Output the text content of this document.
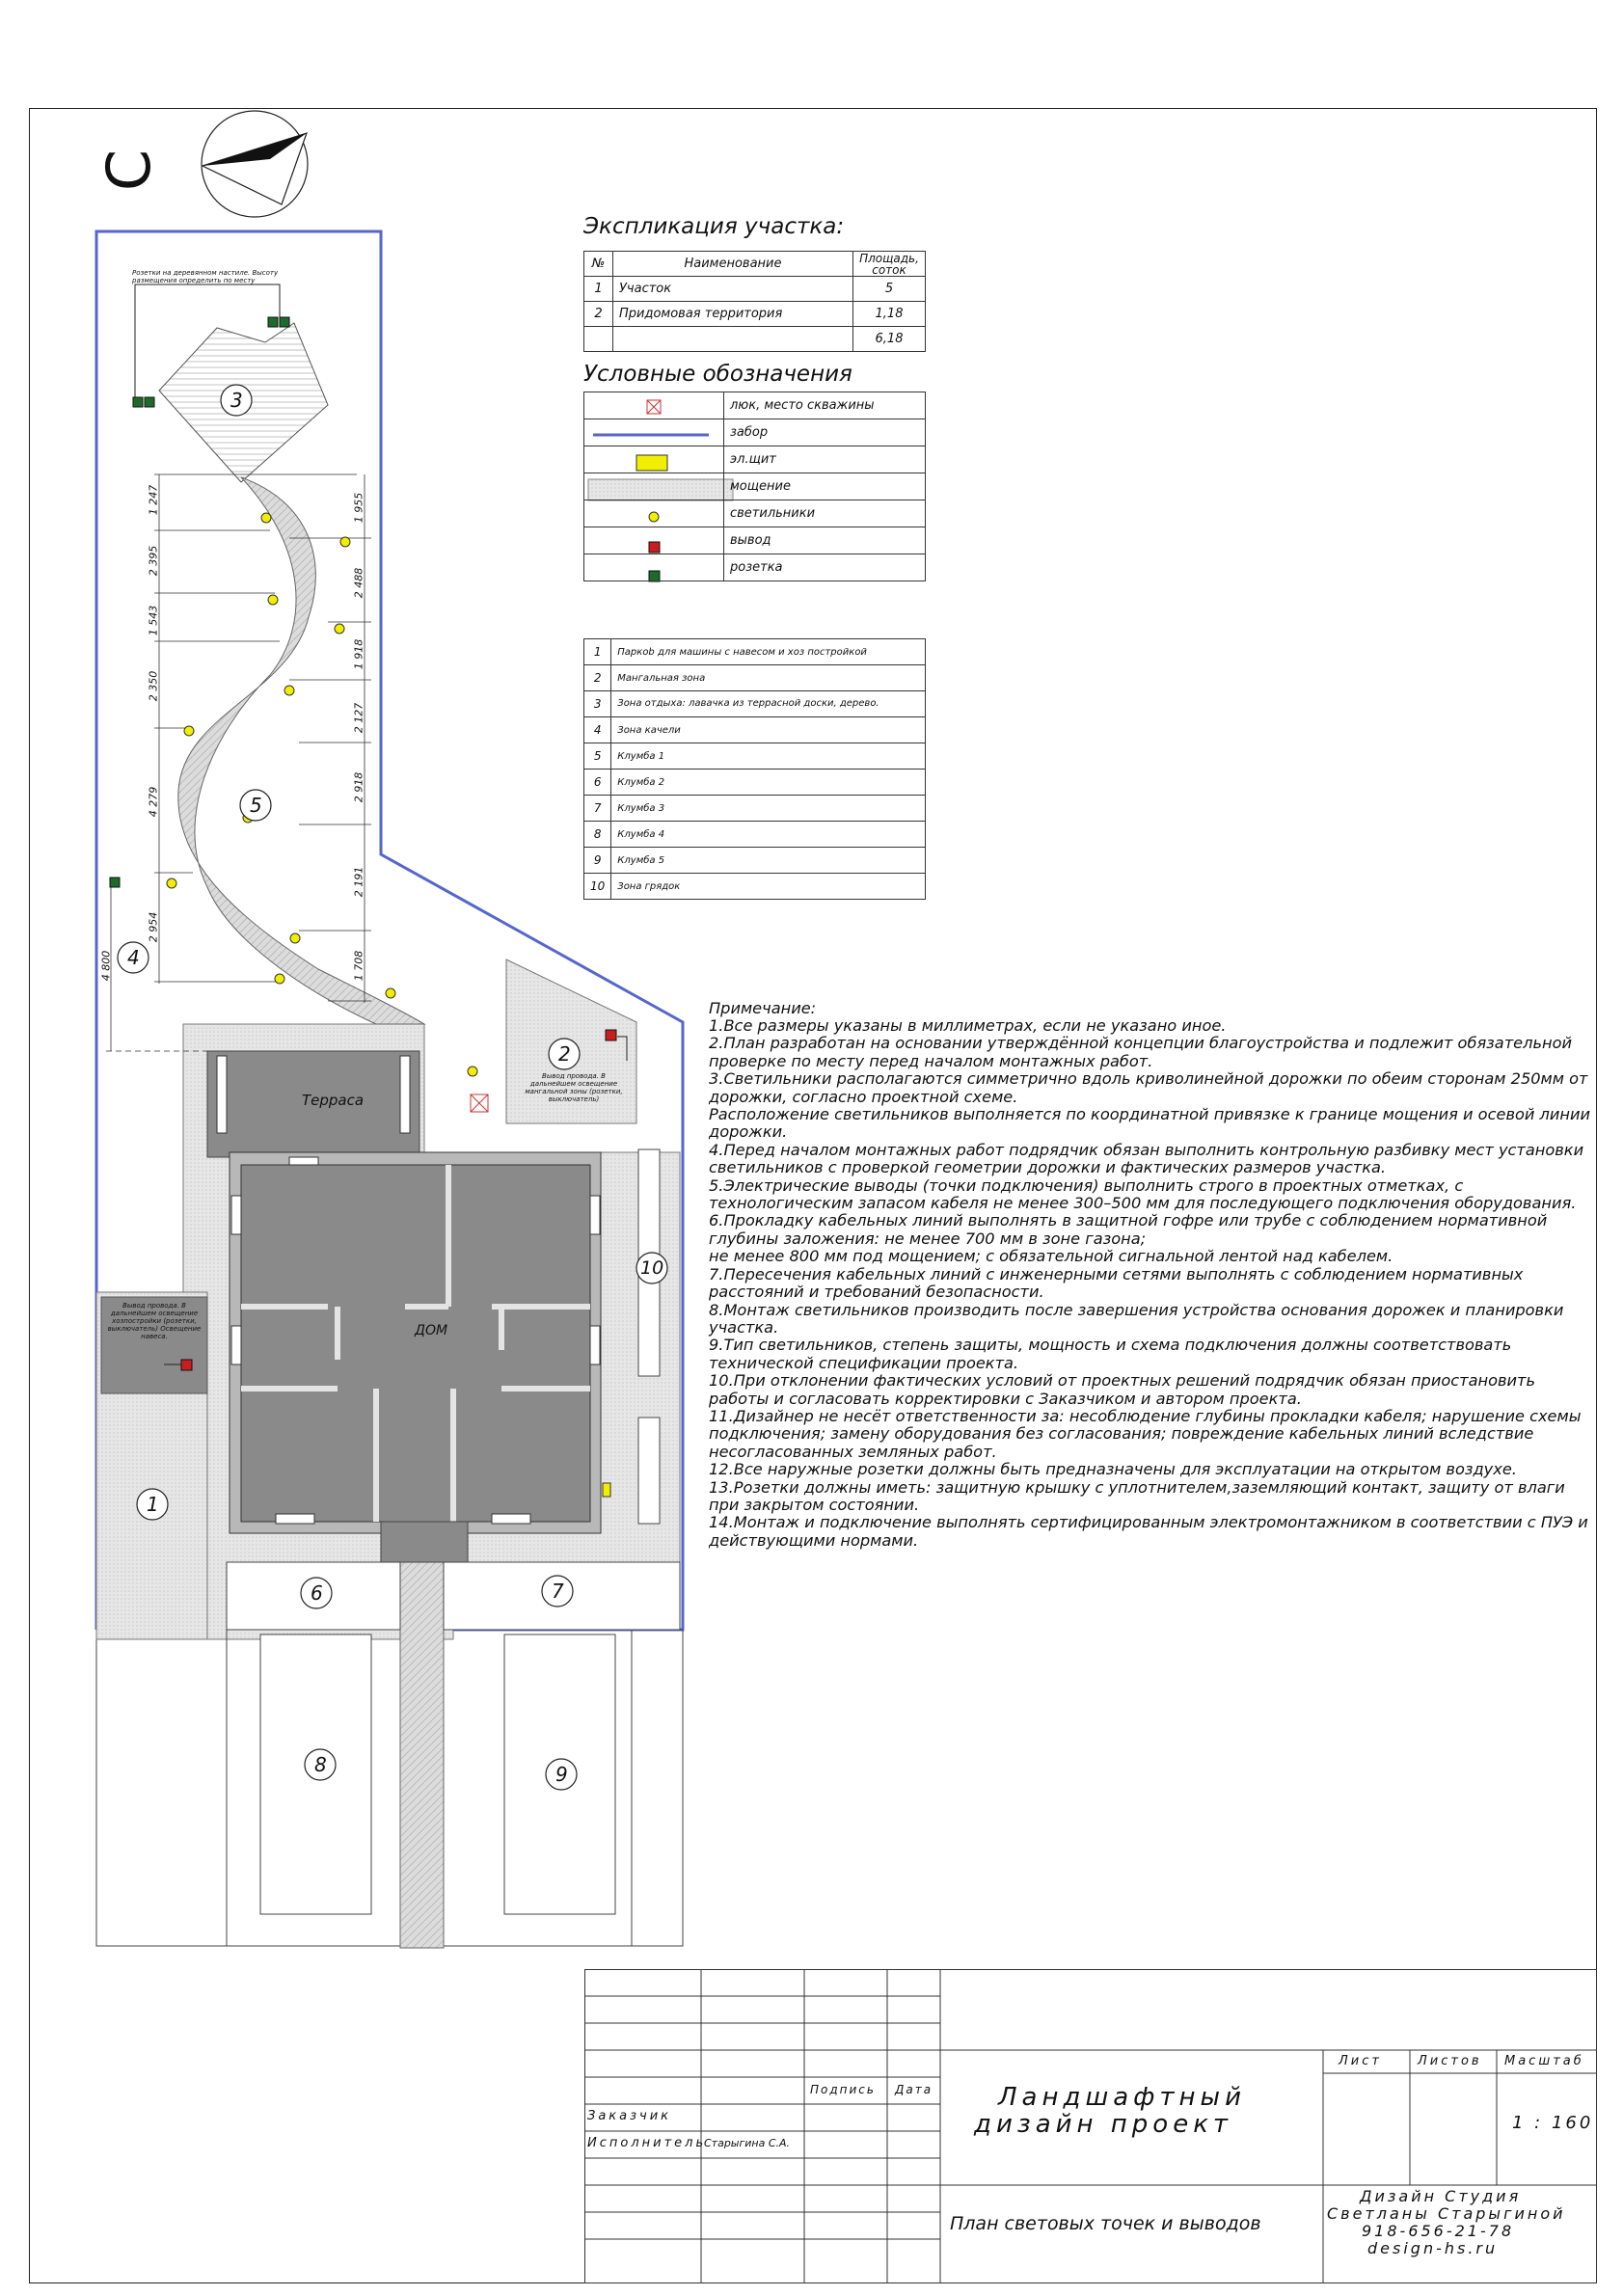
С
Терраса
ДОМ
1
2
3
4
5
6	7
8	9
10
1 247
2 395
1 543
2 350
4 279
2 954
1 955
2 488
1 918
2 127
2 918
2 191
1 708
4 800
Розетки на деревянном настиле. Высоту размещения определить по месту
Вывод провода. В дальнейшем освещение мангальной зоны (розетки, выключатель)
Вывод провода. В дальнейшем освещение хозпостройки (розетки, выключатель) Освещение навеса.
Экспликация участка:
№	Наименование	Площадь, соток
1	Участок	5
2	Придомовая территория	1,18
		6,18
Условные обозначения
	люк, место скважины
	забор
	эл.щит
	мощение
	светильники
	вывод
	розетка
1	Паркоb для машины с навесом и хоз постройкой
2	Мангальная зона
3	Зона отдыха: лавачка из террасной доски, дерево.
4	Зона качели
5	Клумба 1
6	Клумба 2
7	Клумба 3
8	Клумба 4
9	Клумба 5
10	Зона грядок
Примечание:
1.Все размеры указаны в миллиметрах, если не указано иное.
2.План разработан на основании утверждённой концепции благоустройства и подлежит обязательной проверке по месту перед началом монтажных работ.
3.Светильники располагаются симметрично вдоль криволинейной дорожки по обеим сторонам 250мм от дорожки, согласно проектной схеме.
Расположение светильников выполняется по координатной привязке к границе мощения и осевой линии дорожки.
4.Перед началом монтажных работ подрядчик обязан выполнить контрольную разбивку мест установки светильников с проверкой геометрии дорожки и фактических размеров участка.
5.Электрические выводы (точки подключения) выполнить строго в проектных отметках, с технологическим запасом кабеля не менее 300–500 мм для последующего подключения оборудования.
6.Прокладку кабельных линий выполнять в защитной гофре или трубе с соблюдением нормативной глубины заложения: не менее 700 мм в зоне газона;
не менее 800 мм под мощением; с обязательной сигнальной лентой над кабелем.
7.Пересечения кабельных линий с инженерными сетями выполнять с соблюдением нормативных расстояний и требований безопасности.
8.Монтаж светильников производить после завершения устройства основания дорожек и планировки участка.
9.Тип светильников, степень защиты, мощность и схема подключения должны соответствовать технической спецификации проекта.
10.При отклонении фактических условий от проектных решений подрядчик обязан приостановить работы и согласовать корректировки с Заказчиком и автором проекта.
11.Дизайнер не несёт ответственности за: несоблюдение глубины прокладки кабеля; нарушение схемы подключения; замену оборудования без согласования; повреждение кабельных линий вследствие несогласованных земляных работ.
12.Все наружные розетки должны быть предназначены для эксплуатации на открытом воздухе.
13.Розетки должны иметь: защитную крышку с уплотнителем,заземляющий контакт, защиту от влаги при закрытом состоянии.
14.Монтаж и подключение выполнять сертифицированным электромонтажником в соответствии с ПУЭ и действующими нормами.
Подпись Дата
Заказчик
Исполнитель
Старыгина С.А.
Ландшафтный
дизайн проект
Лист	Листов Масштаб
1 : 160
План световых точек и выводов
Дизайн Студия
Светланы Старыгиной
918-656-21-78
design-hs.ru
